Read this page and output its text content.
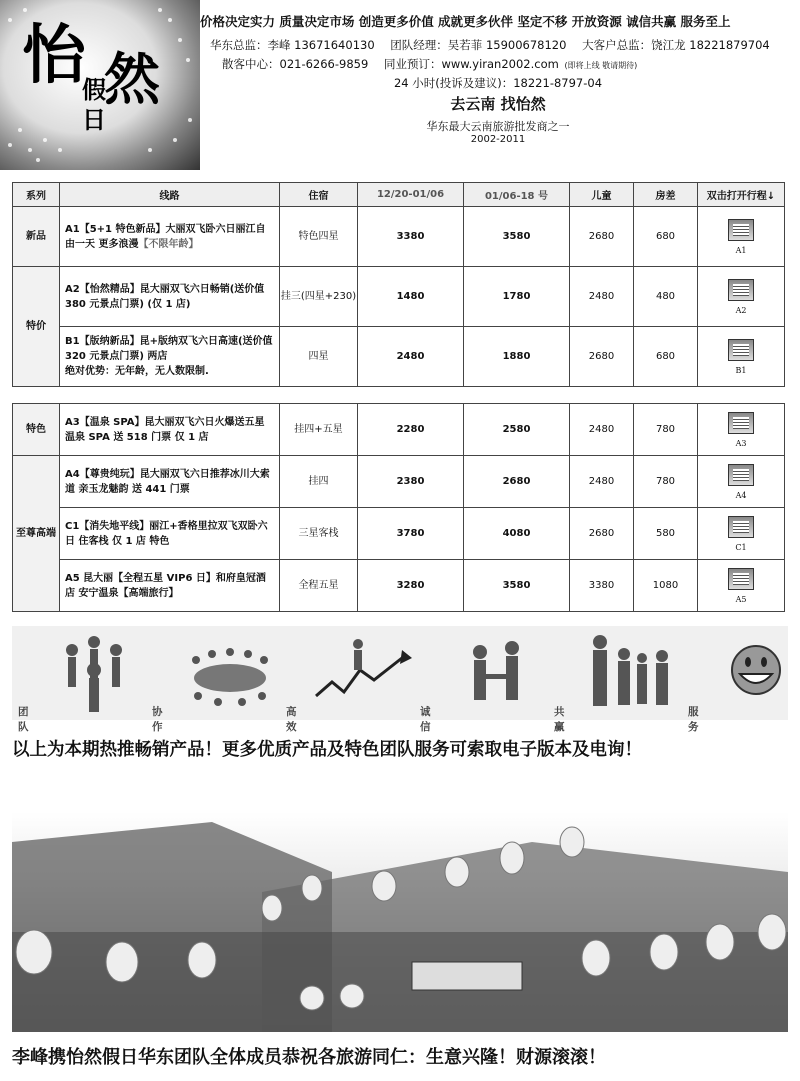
怡 然
假
日
价格决定实力 质量决定市场 创造更多价值 成就更多伙伴 坚定不移 开放资源 诚信共赢 服务至上
华东总监：李峰 13671640130 团队经理：吴若菲 15900678120 大客户总监：饶江龙 18221879704
散客中心：021-6266-9859 同业预订：www.yiran2002.com (即将上线 敬请期待)
24 小时(投诉及建议)：18221-8797-04
去云南 找怡然
华东最大云南旅游批发商之一
2002-2011
系列	线路	住宿	12/20-01/06	01/06-18 号	儿童	房差	双击打开行程↓
新品	A1【5+1 特色新品】大丽双飞卧六日丽江自由一天 更多浪漫【不限年龄】	特色四星	3380	3580	2680	680	A1

特价	A2【怡然精品】昆大丽双飞六日畅销(送价值 380 元景点门票) (仅 1 店)	挂三(四星+230)	1480	1780	2480	480	A2

	B1【版纳新品】昆+版纳双飞六日高速(送价值 320 元景点门票) 两店
绝对优势：无年龄，无人数限制.	四星	2480	1880	2680	680	B1
特色	A3【温泉 SPA】昆大丽双飞六日火爆送五星温泉 SPA 送 518 门票 仅 1 店	挂四+五星	2280	2580	2480	780	A3

至尊高端	A4【尊贵纯玩】昆大丽双飞六日推荐冰川大索道 亲玉龙魅韵 送 441 门票	挂四	2380	2680	2480	780	A4

	C1【消失地平线】丽江+香格里拉双飞双卧六日 住客栈 仅 1 店 特色	三星客栈	3780	4080	2680	580	C1

	A5 昆大丽【全程五星 VIP6 日】和府皇冠酒店 安宁温泉【高端旅行】	全程五星	3280	3580	3380	1080	A5
团队
协作
高效
诚信
共赢
服务
以上为本期热推畅销产品！更多优质产品及特色团队服务可索取电子版本及电询！
李峰携怡然假日华东团队全体成员恭祝各旅游同仁：生意兴隆！财源滚滚！
